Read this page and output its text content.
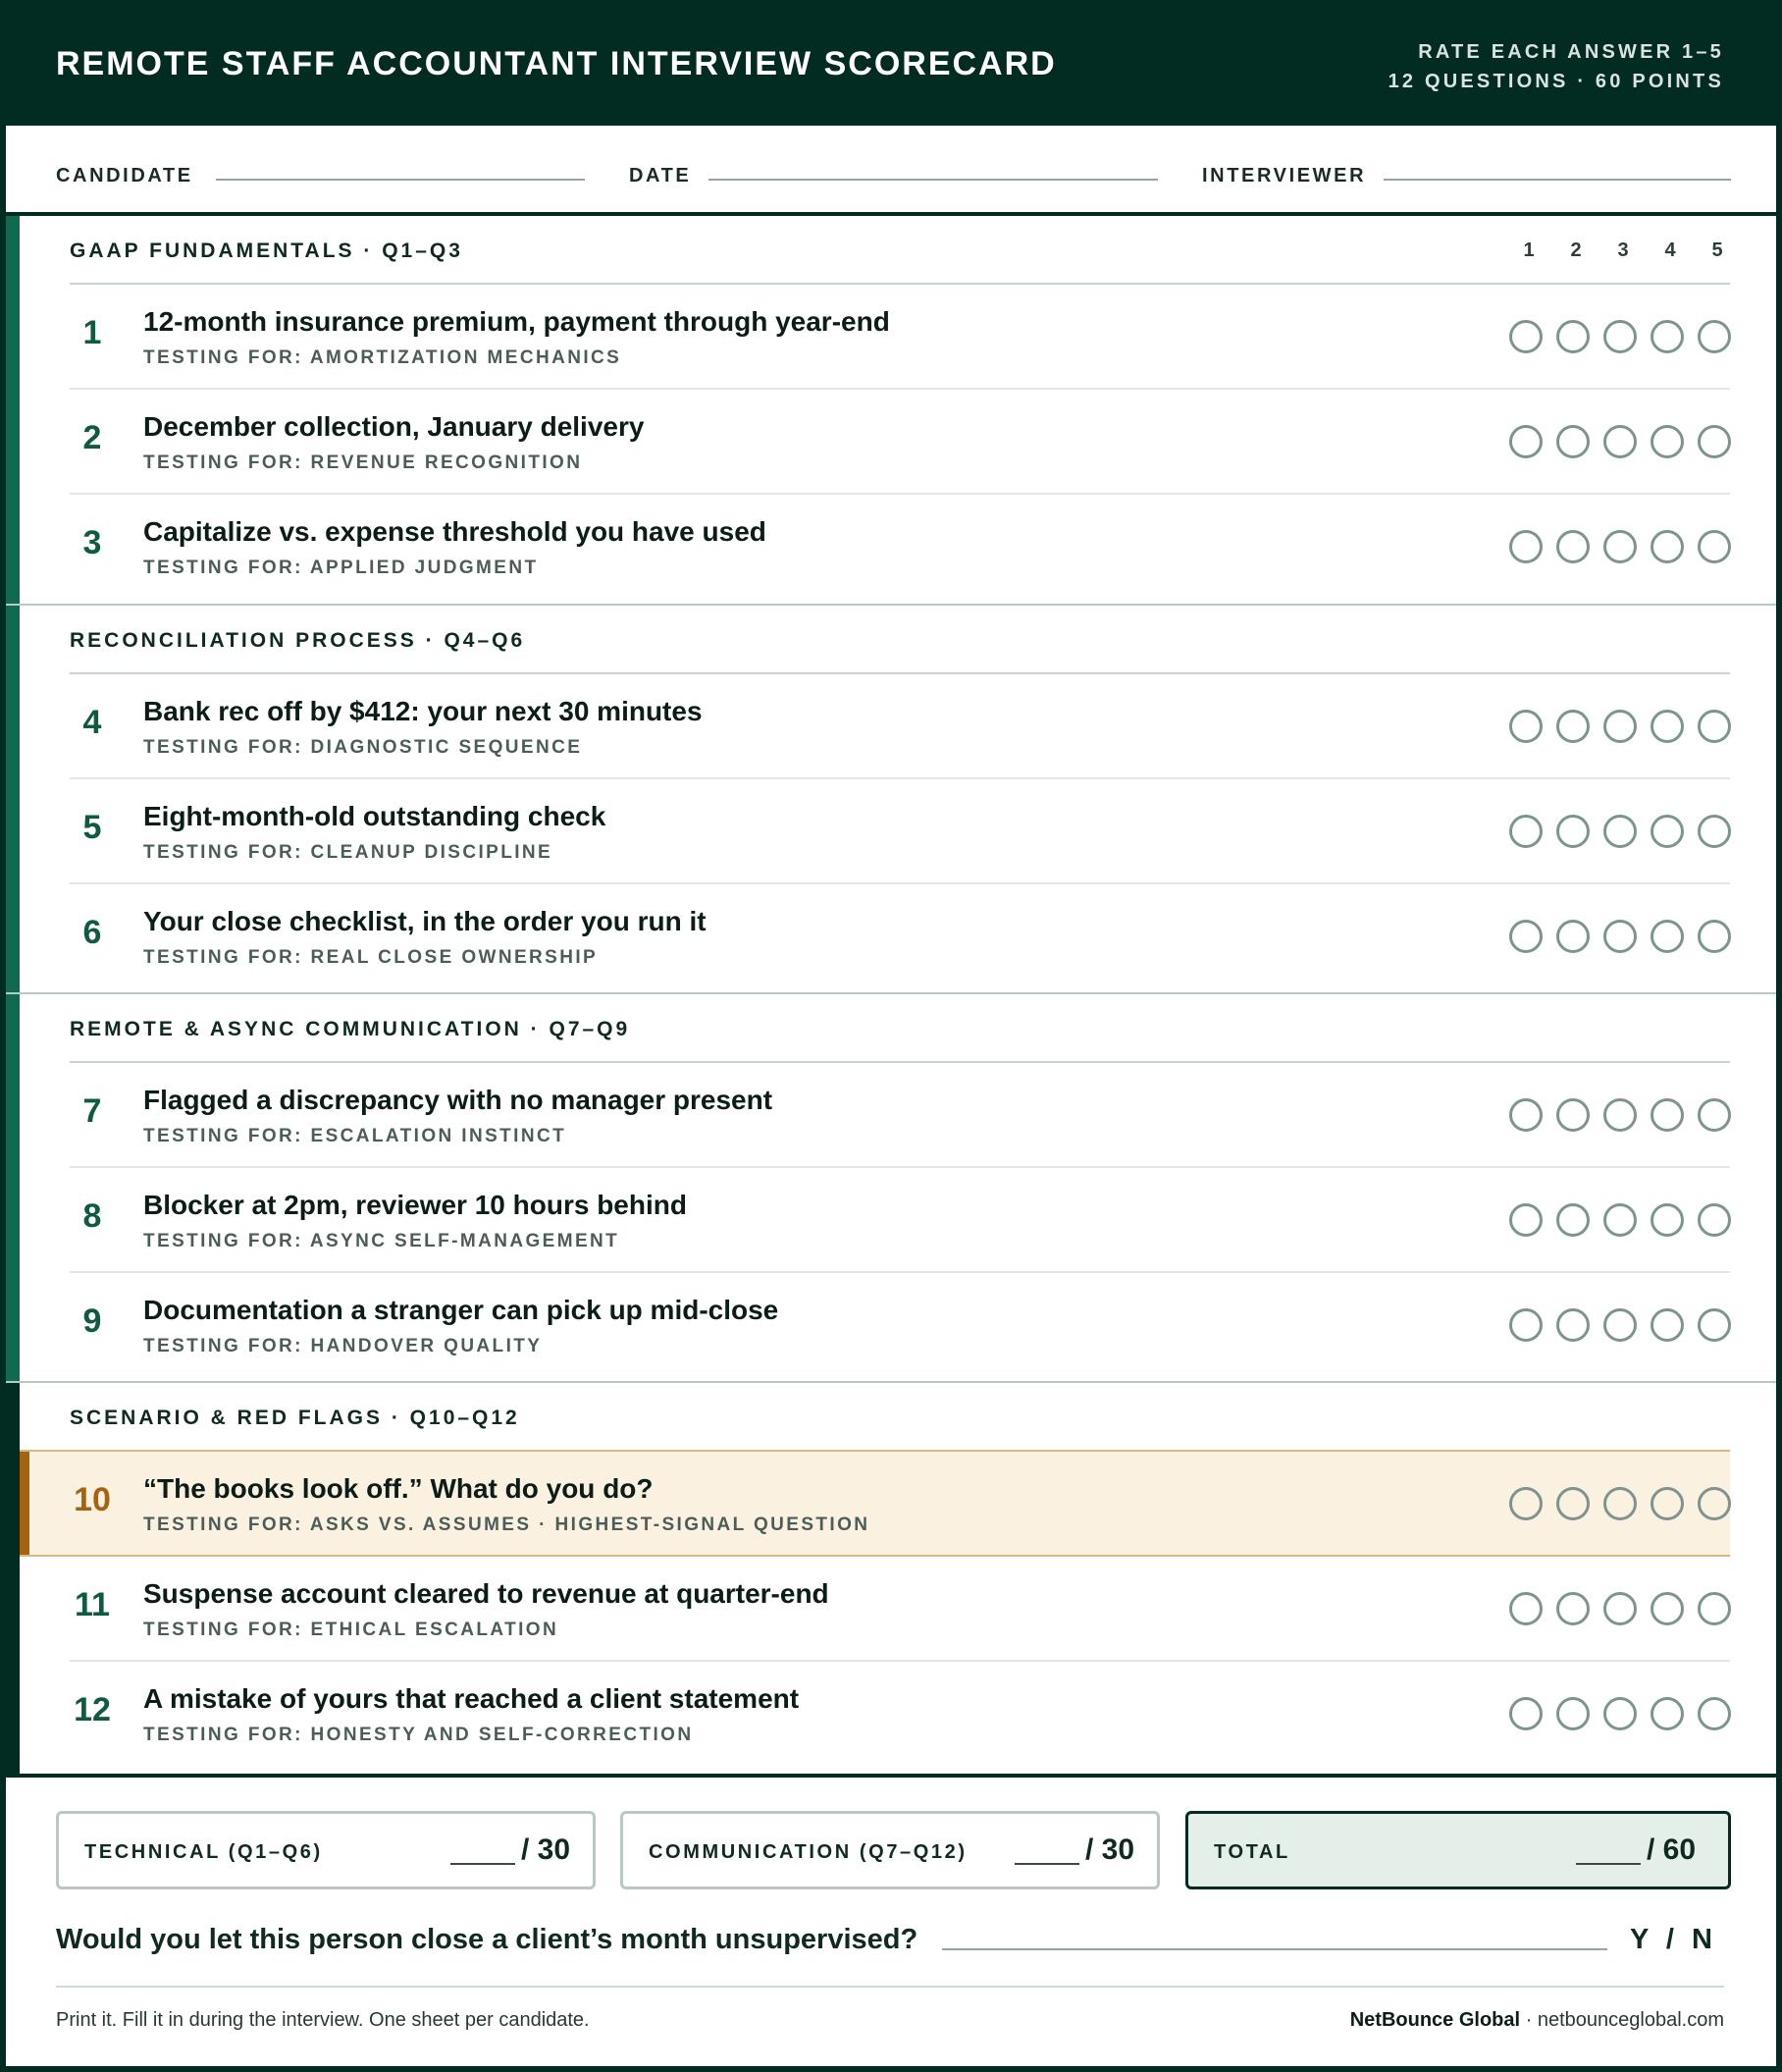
REMOTE STAFF ACCOUNTANT INTERVIEW SCORECARD	RATE EACH ANSWER 1–5
12 QUESTIONS · 60 POINTS
CANDIDATE	DATE	INTERVIEWER
GAAP FUNDAMENTALS · Q1–Q3	1	2	3	4	5
1	12-month insurance premium, payment through year-end
TESTING FOR: AMORTIZATION MECHANICS
2	December collection, January delivery
TESTING FOR: REVENUE RECOGNITION
3	Capitalize vs. expense threshold you have used
TESTING FOR: APPLIED JUDGMENT
RECONCILIATION PROCESS · Q4–Q6
4	Bank rec off by $412: your next 30 minutes
TESTING FOR: DIAGNOSTIC SEQUENCE
5	Eight-month-old outstanding check
TESTING FOR: CLEANUP DISCIPLINE
6	Your close checklist, in the order you run it
TESTING FOR: REAL CLOSE OWNERSHIP
REMOTE & ASYNC COMMUNICATION · Q7–Q9
7	Flagged a discrepancy with no manager present
TESTING FOR: ESCALATION INSTINCT
8	Blocker at 2pm, reviewer 10 hours behind
TESTING FOR: ASYNC SELF-MANAGEMENT
9	Documentation a stranger can pick up mid-close
TESTING FOR: HANDOVER QUALITY
SCENARIO & RED FLAGS · Q10–Q12
10 “The books look off.” What do you do?
TESTING FOR: ASKS VS. ASSUMES · HIGHEST-SIGNAL QUESTION
11 Suspense account cleared to revenue at quarter-end
TESTING FOR: ETHICAL ESCALATION
12 A mistake of yours that reached a client statement
TESTING FOR: HONESTY AND SELF-CORRECTION
TECHNICAL (Q1–Q6)	/ 30	COMMUNICATION (Q7–Q12)	/ 30	TOTAL	/ 60
Would you let this person close a client’s month unsupervised?	Y / N
Print it. Fill it in during the interview. One sheet per candidate.	NetBounce Global · netbounceglobal.com
